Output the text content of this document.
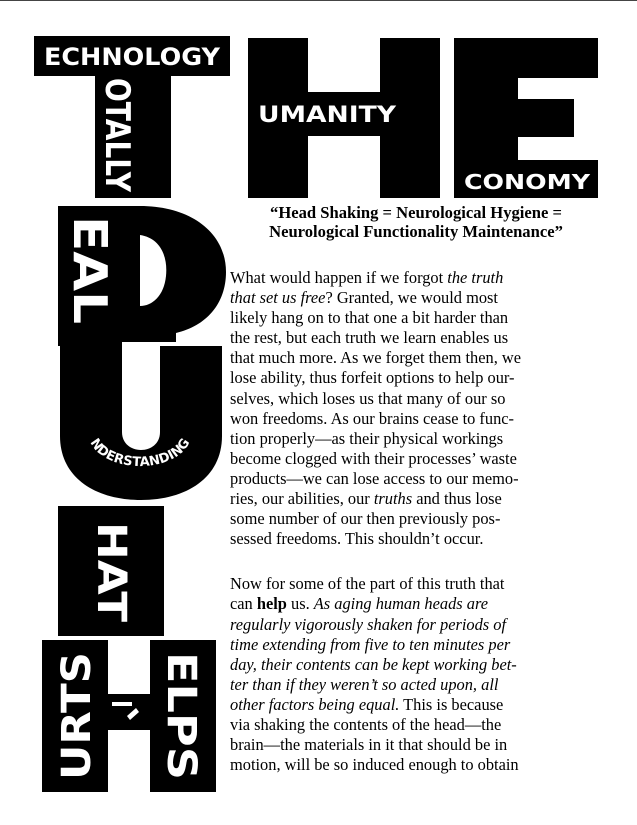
ECHNOLOGY
OTALLY	UMANITY
CONOMY
EAL
NDERSTANDING
HAT
URTS ELPS

“Head Shaking = Neurological Hygiene =
Neurological Functionality Maintenance”

What would happen if we forgot the truth
that set us free? Granted, we would most
likely hang on to that one a bit harder than
the rest, but each truth we learn enables us
that much more. As we forget them then, we
lose ability, thus forfeit options to help our-
selves, which loses us that many of our so
won freedoms. As our brains cease to func-
tion properly—as their physical workings
become clogged with their processes’ waste
products—we can lose access to our memo-
ries, our abilities, our truths and thus lose
some number of our then previously pos-
sessed freedoms. This shouldn’t occur.

Now for some of the part of this truth that
can help us. As aging human heads are
regularly vigorously shaken for periods of
time extending from five to ten minutes per
day, their contents can be kept working bet-
ter than if they weren’t so acted upon, all
other factors being equal. This is because
via shaking the contents of the head—the
brain—the materials in it that should be in
motion, will be so induced enough to obtain
